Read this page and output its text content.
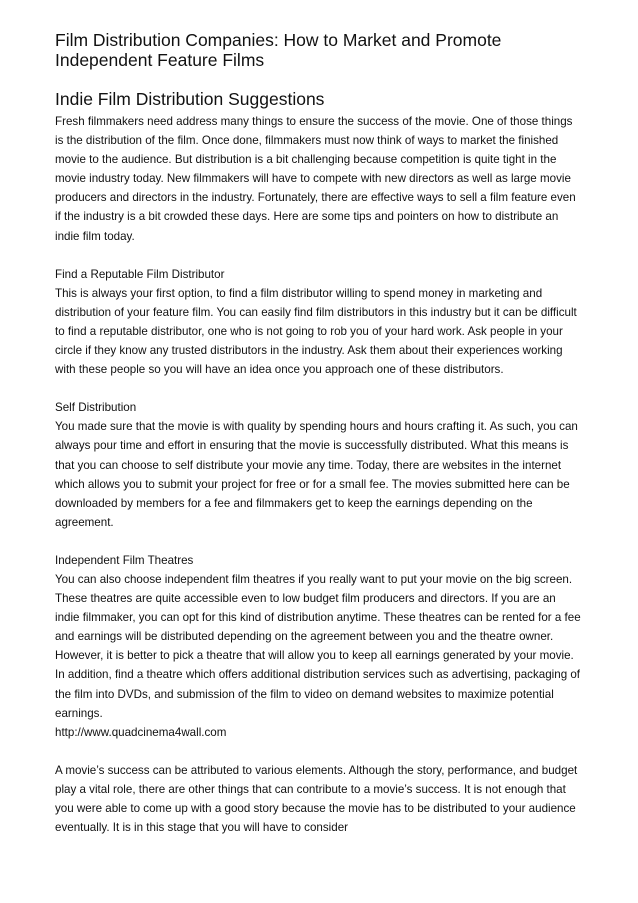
Film Distribution Companies: How to Market and Promote Independent Feature Films
Indie Film Distribution Suggestions

Fresh filmmakers need address many things to ensure the success of the movie. One of those things is the distribution of the film. Once done, filmmakers must now think of ways to market the finished movie to the audience. But distribution is a bit challenging because competition is quite tight in the movie industry today. New filmmakers will have to compete with new directors as well as large movie producers and directors in the industry. Fortunately, there are effective ways to sell a film feature even if the industry is a bit crowded these days. Here are some tips and pointers on how to distribute an indie film today.

Find a Reputable Film Distributor

This is always your first option, to find a film distributor willing to spend money in marketing and distribution of your feature film. You can easily find film distributors in this industry but it can be difficult to find a reputable distributor, one who is not going to rob you of your hard work. Ask people in your circle if they know any trusted distributors in the industry. Ask them about their experiences working with these people so you will have an idea once you approach one of these distributors.

Self Distribution

You made sure that the movie is with quality by spending hours and hours crafting it. As such, you can always pour time and effort in ensuring that the movie is successfully distributed. What this means is that you can choose to self distribute your movie any time. Today, there are websites in the internet which allows you to submit your project for free or for a small fee. The movies submitted here can be downloaded by members for a fee and filmmakers get to keep the earnings depending on the agreement.

Independent Film Theatres

You can also choose independent film theatres if you really want to put your movie on the big screen. These theatres are quite accessible even to low budget film producers and directors. If you are an indie filmmaker, you can opt for this kind of distribution anytime. These theatres can be rented for a fee and earnings will be distributed depending on the agreement between you and the theatre owner. However, it is better to pick a theatre that will allow you to keep all earnings generated by your movie. In addition, find a theatre which offers additional distribution services such as advertising, packaging of the film into DVDs, and submission of the film to video on demand websites to maximize potential earnings.

http://www.quadcinema4wall.com

A movie’s success can be attributed to various elements. Although the story, performance, and budget play a vital role, there are other things that can contribute to a movie’s success. It is not enough that you were able to come up with a good story because the movie has to be distributed to your audience eventually. It is in this stage that you will have to consider
